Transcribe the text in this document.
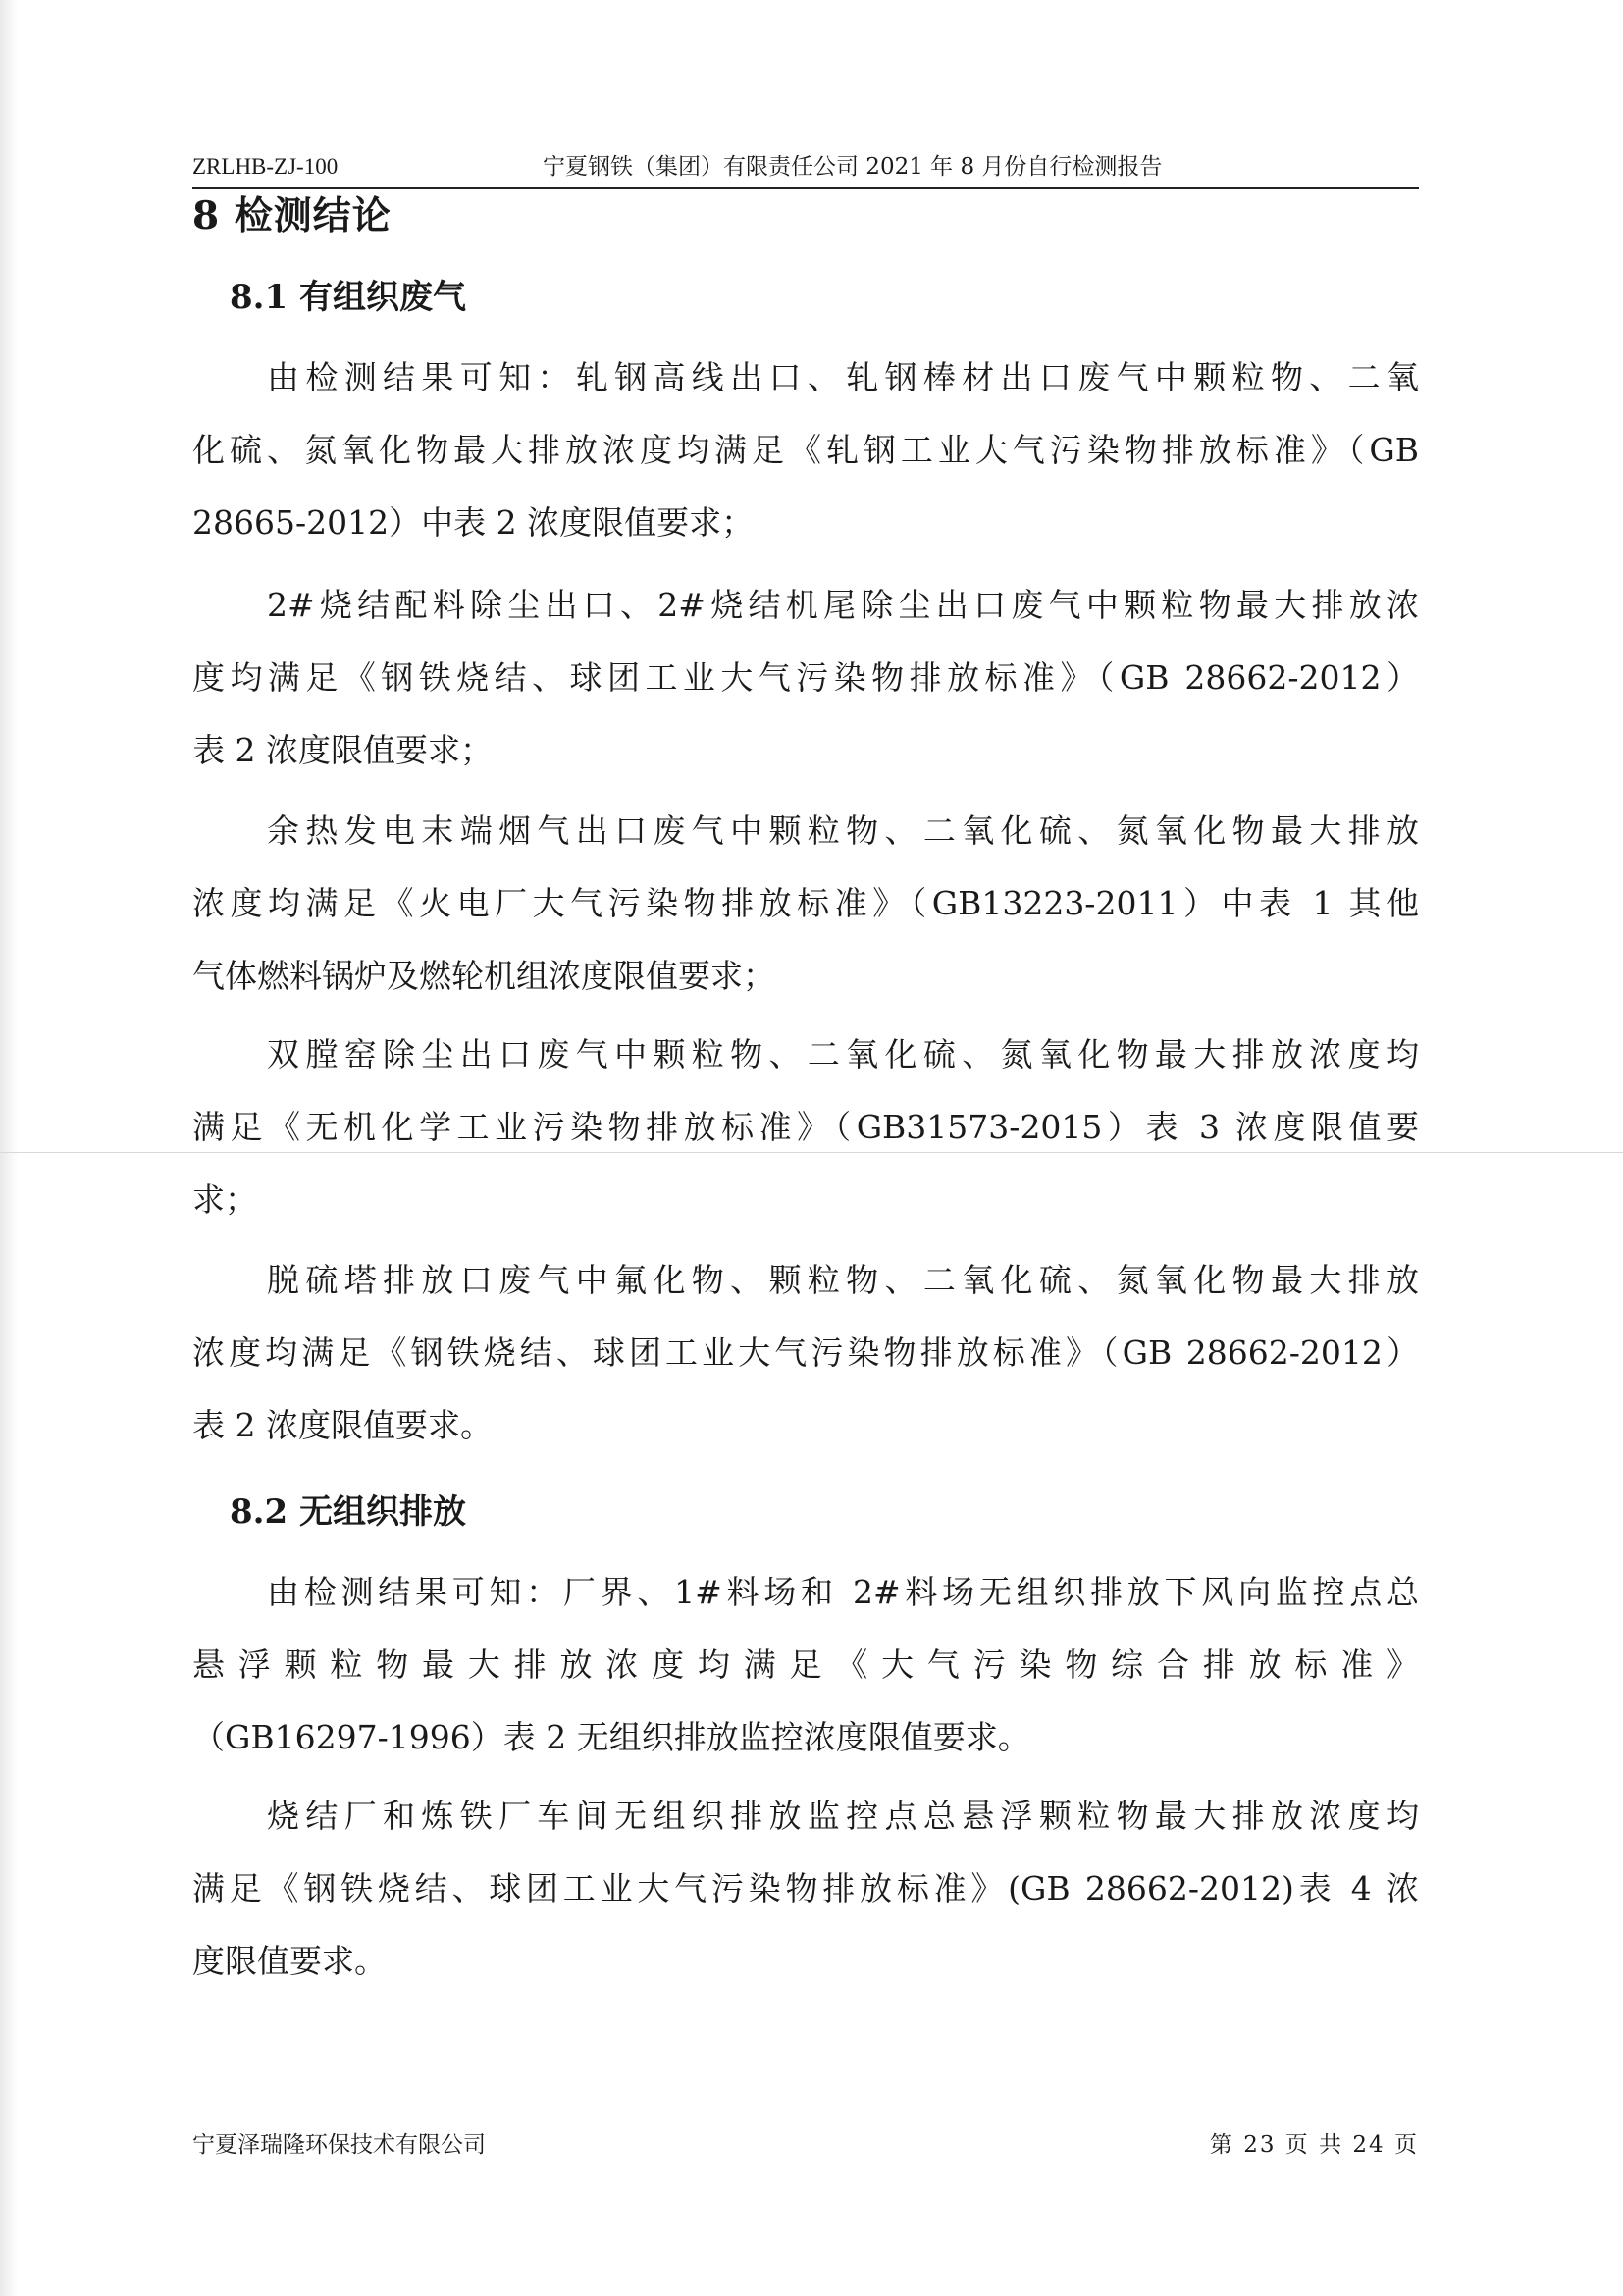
ZRLHB-ZJ-100	宁夏钢铁（集团）有限责任公司 2021 年 8 月份自行检测报告
8 检测结论
8.1 有组织废气
由检测结果可知：轧钢高线出口、轧钢棒材出口废气中颗粒物、二氧
化硫、氮氧化物最大排放浓度均满足《轧钢工业大气污染物排放标准》（GB
28665-2012）中表 2 浓度限值要求；
2#烧结配料除尘出口、2#烧结机尾除尘出口废气中颗粒物最大排放浓
度均满足《钢铁烧结、球团工业大气污染物排放标准》（GB 28662-2012）
表 2 浓度限值要求；
余热发电末端烟气出口废气中颗粒物、二氧化硫、氮氧化物最大排放
浓度均满足《火电厂大气污染物排放标准》（GB13223-2011）中表 1 其他
气体燃料锅炉及燃轮机组浓度限值要求；
双膛窑除尘出口废气中颗粒物、二氧化硫、氮氧化物最大排放浓度均
满足《无机化学工业污染物排放标准》（GB31573-2015）表 3 浓度限值要
求；
脱硫塔排放口废气中氟化物、颗粒物、二氧化硫、氮氧化物最大排放
浓度均满足《钢铁烧结、球团工业大气污染物排放标准》（GB 28662-2012）
表 2 浓度限值要求。
8.2 无组织排放
由检测结果可知：厂界、1#料场和 2#料场无组织排放下风向监控点总
悬浮颗粒物最大排放浓度均满足《大气污染物综合排放标准》
（GB16297-1996）表 2 无组织排放监控浓度限值要求。
烧结厂和炼铁厂车间无组织排放监控点总悬浮颗粒物最大排放浓度均
满足《钢铁烧结、球团工业大气污染物排放标准》(GB 28662-2012)表 4 浓
度限值要求。
宁夏泽瑞隆环保技术有限公司	第 23 页 共 24 页
